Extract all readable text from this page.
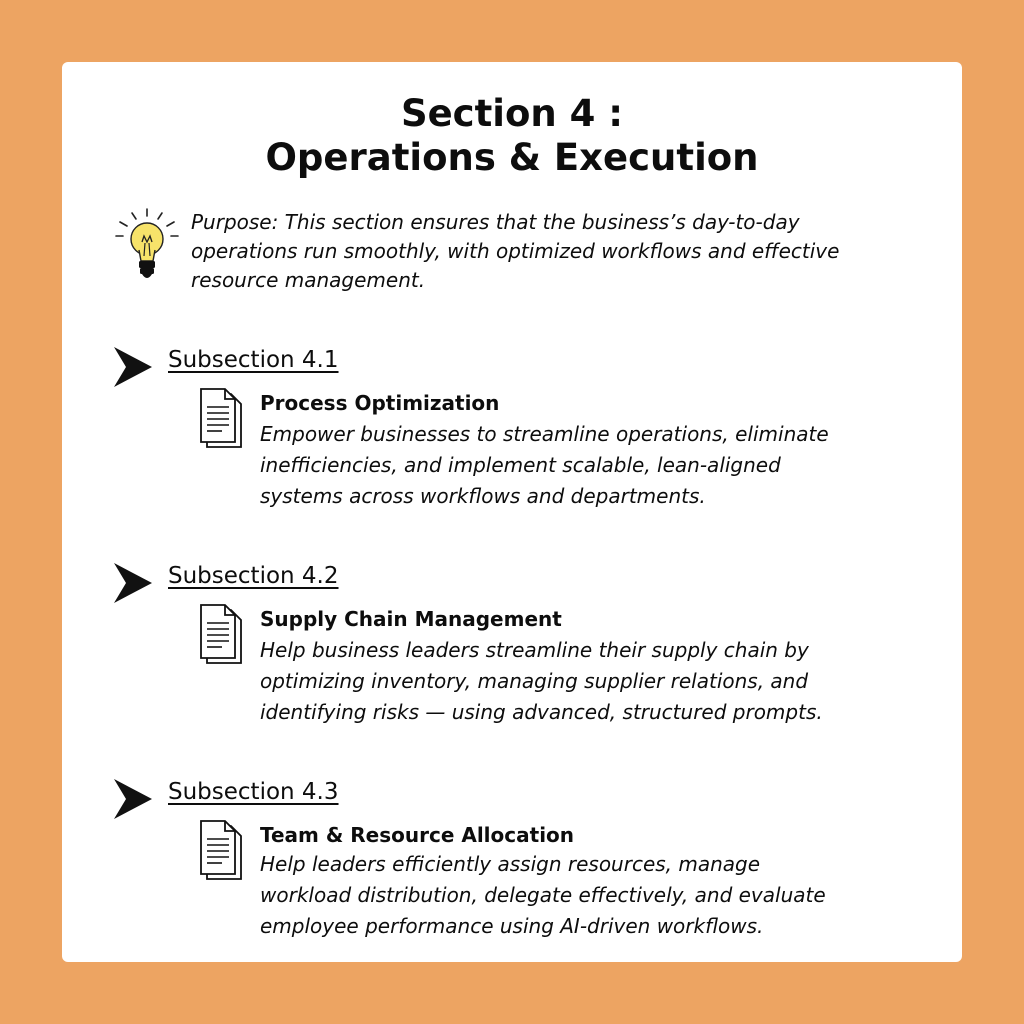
Section 4 :
Operations & Execution

Purpose: This section ensures that the business’s day-to-day
operations run smoothly, with optimized workflows and effective
resource management.

Subsection 4.1
Process Optimization
Empower businesses to streamline operations, eliminate
inefficiencies, and implement scalable, lean-aligned
systems across workflows and departments.
Subsection 4.2
Supply Chain Management
Help business leaders streamline their supply chain by
optimizing inventory, managing supplier relations, and
identifying risks — using advanced, structured prompts.
Subsection 4.3
Team & Resource Allocation
Help leaders efficiently assign resources, manage
workload distribution, delegate effectively, and evaluate
employee performance using AI-driven workflows.
